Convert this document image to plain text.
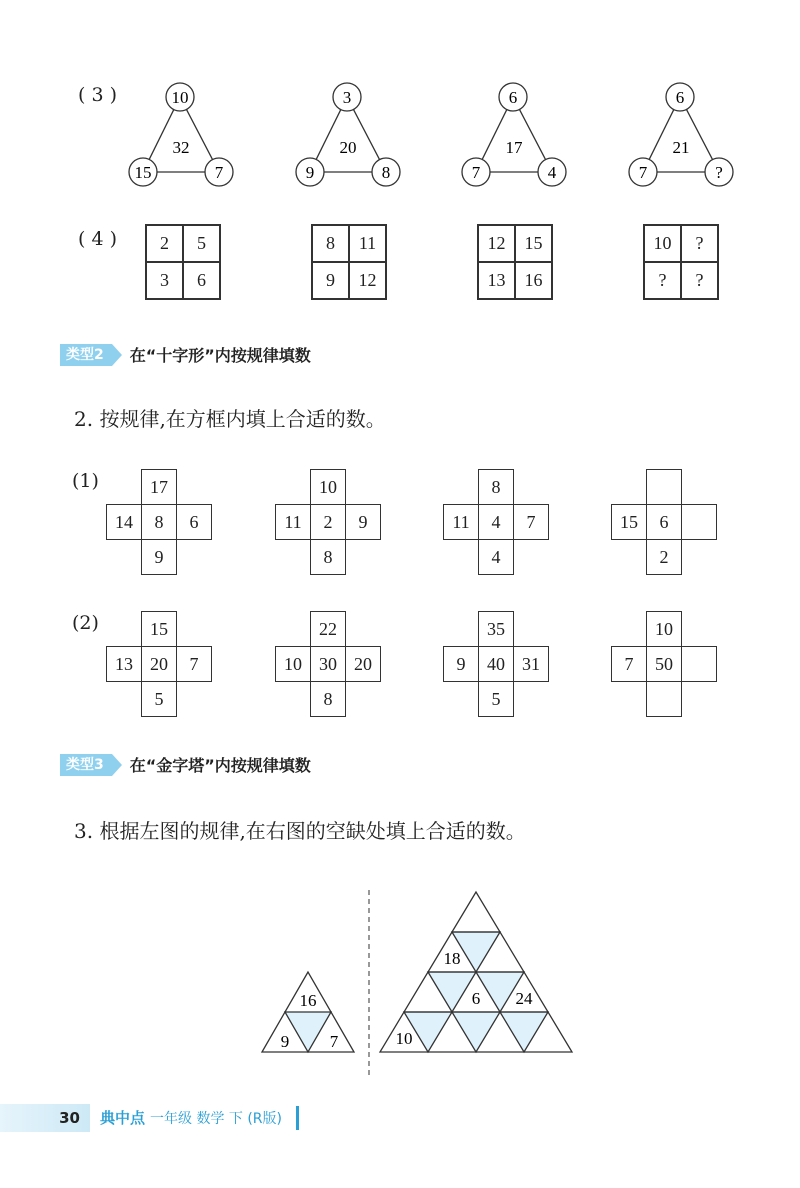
( 3 )	10
15	7
32
3
9	8
20
6
7	4
17
6
7	?
21
( 4 )	2	5
3	6
8	11
9	12
12	15
13	16
10	?
?	?
类型2	在“十字形”内按规律填数
2. 按规律,在方框内填上合适的数。
(1)
(2)
17
14	8	6
9
10
11	2	9
8
8
11	4	7
4
15	6
2
15
13 20	7
5
22
10 30 20
8
35
9	40 31
5
10
7	50
类型3	在“金字塔”内按规律填数
3. 根据左图的规律,在右图的空缺处填上合适的数。
16
9 7
18
6 24
10
30	典中点 一年级 数学 下 (R版)
